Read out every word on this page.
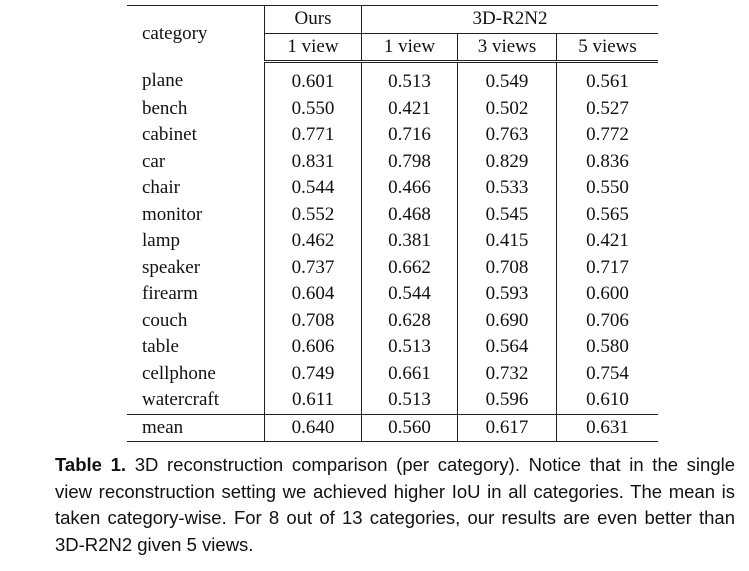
category	Ours	3D-R2N2		
	1 view	1 view	3 views	5 views
plane	0.601	0.513	0.549	0.561
bench	0.550	0.421	0.502	0.527
cabinet	0.771	0.716	0.763	0.772
car	0.831	0.798	0.829	0.836
chair	0.544	0.466	0.533	0.550
monitor	0.552	0.468	0.545	0.565
lamp	0.462	0.381	0.415	0.421
speaker	0.737	0.662	0.708	0.717
firearm	0.604	0.544	0.593	0.600
couch	0.708	0.628	0.690	0.706
table	0.606	0.513	0.564	0.580
cellphone	0.749	0.661	0.732	0.754
watercraft	0.611	0.513	0.596	0.610
mean	0.640	0.560	0.617	0.631
Table 1. 3D reconstruction comparison (per category). Notice that in the single view reconstruction setting we achieved higher IoU in all categories. The mean is taken category-wise. For 8 out of 13 categories, our results are even better than 3D-R2N2 given 5 views.
